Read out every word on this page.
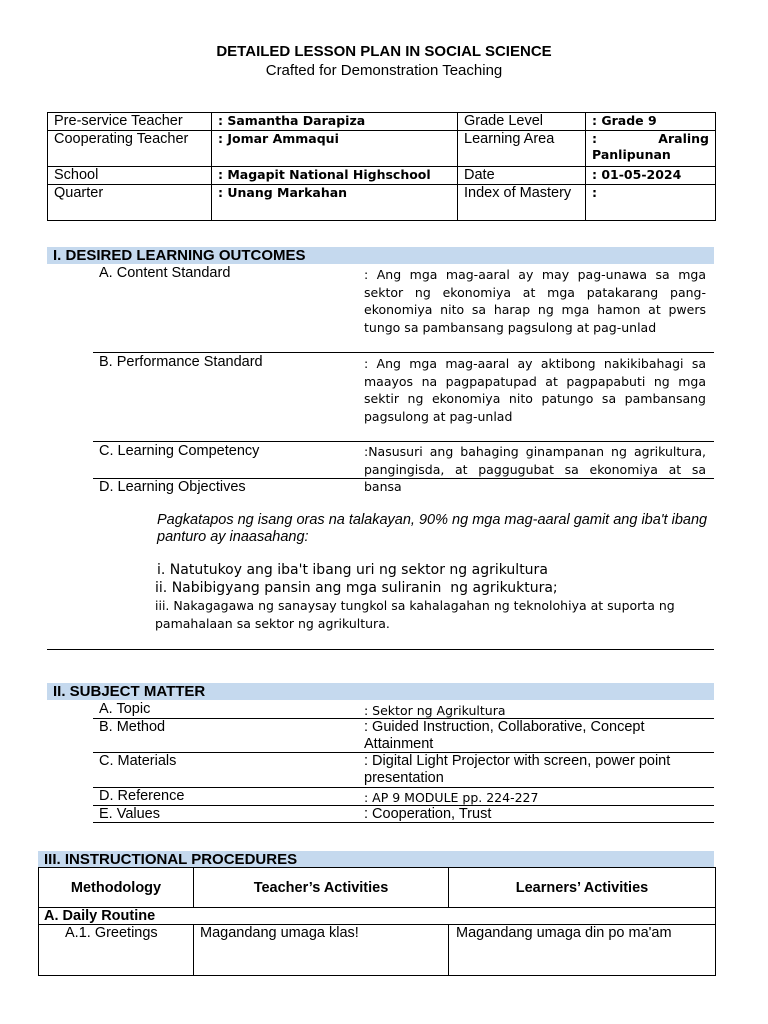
DETAILED LESSON PLAN IN SOCIAL SCIENCE
Crafted for Demonstration Teaching
Pre-service Teacher	: Samantha Darapiza	Grade Level	: Grade 9
Cooperating Teacher	: Jomar Ammaqui	Learning Area	: Araling Panlipunan
School	: Magapit National Highschool	Date	: 01-05-2024
Quarter	: Unang Markahan	Index of Mastery	:
I. DESIRED LEARNING OUTCOMES
A. Content Standard	: Ang mga mag-aaral ay may pag-unawa sa mga sektor ng ekonomiya at mga patakarang pang-ekonomiya nito sa harap ng mga hamon at pwers tungo sa pambansang pagsulong at pag-unlad
B. Performance Standard	: Ang mga mag-aaral ay aktibong nakikibahagi sa maayos na pagpapatupad at pagpapabuti ng mga sektir ng ekonomiya nito patungo sa pambansang pagsulong at pag-unlad
C. Learning Competency	:Nasusuri ang bahaging ginampanan ng agrikultura, pangingisda, at paggugubat sa ekonomiya at sa bansa
D. Learning Objectives
Pagkatapos ng isang oras na talakayan, 90% ng mga mag-aaral gamit ang iba't ibang panturo ay inaasahang:
i. Natutukoy ang iba't ibang uri ng sektor ng agrikultura
ii. Nabibigyang pansin ang mga suliranin  ng agrikuktura;
iii. Nakagagawa ng sanaysay tungkol sa kahalagahan ng teknolohiya at suporta ng pamahalaan sa sektor ng agrikultura.
II. SUBJECT MATTER
A. Topic	: Sektor ng Agrikultura
B. Method	: Guided Instruction, Collaborative, Concept Attainment
C. Materials	: Digital Light Projector with screen, power point presentation
D. Reference	: AP 9 MODULE pp. 224-227
E. Values	: Cooperation, Trust
III. INSTRUCTIONAL PROCEDURES
Methodology	Teacher’s Activities	Learners’ Activities
A. Daily Routine		
A.1. Greetings	Magandang umaga klas!	Magandang umaga din po ma'am
